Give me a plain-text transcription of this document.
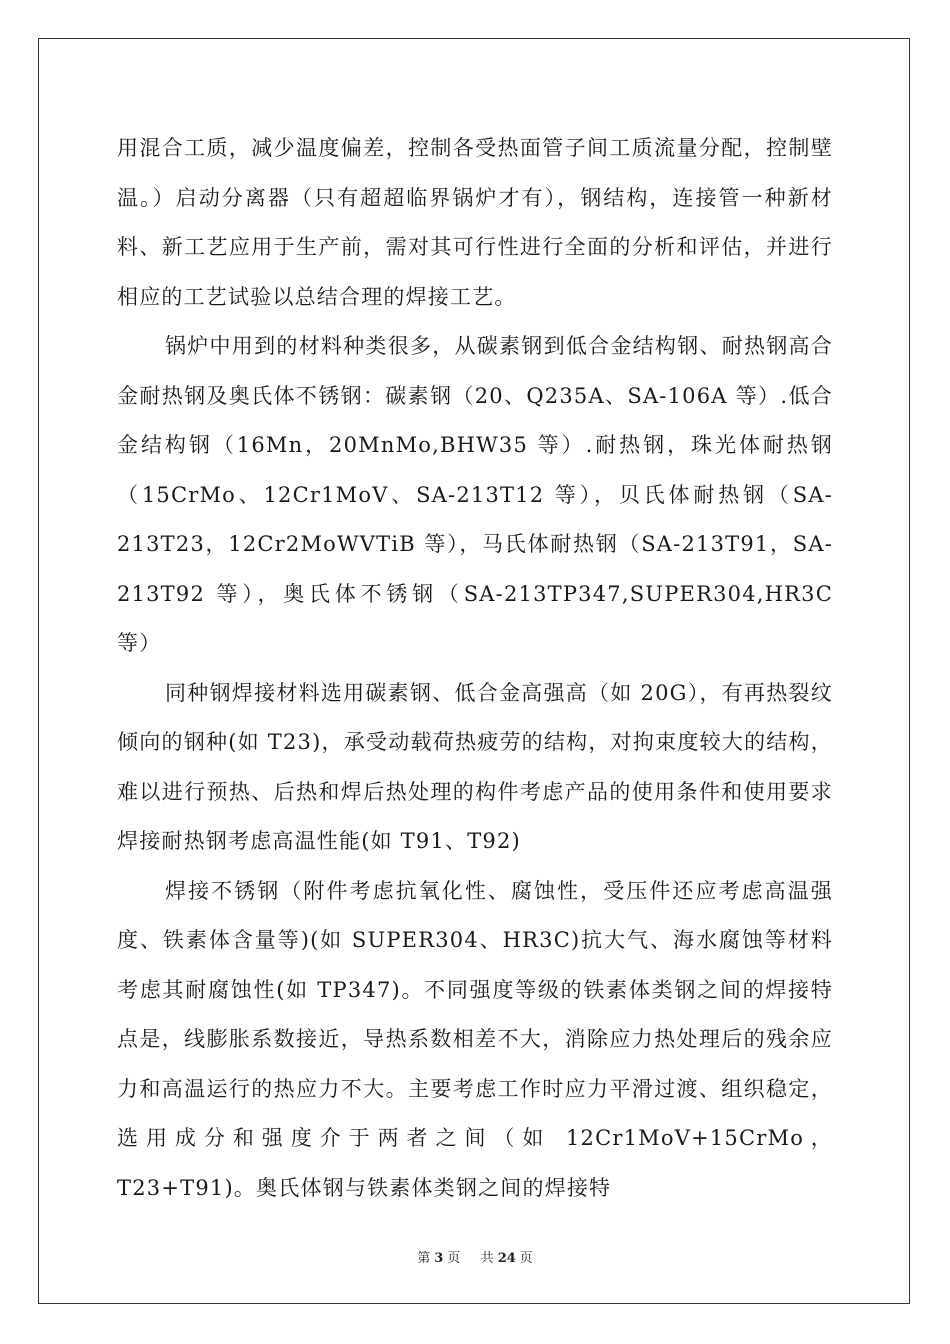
用混合工质，减少温度偏差，控制各受热面管子间工质流量分配，控制壁温。）启动分离器（只有超超临界锅炉才有），钢结构，连接管一种新材料、新工艺应用于生产前，需对其可行性进行全面的分析和评估，并进行相应的工艺试验以总结合理的焊接工艺。

锅炉中用到的材料种类很多，从碳素钢到低合金结构钢、耐热钢高合金耐热钢及奥氏体不锈钢：碳素钢（20、Q235A、SA-106A 等）.低合金结构钢（16Mn，20MnMo,BHW35 等）.耐热钢，珠光体耐热钢（15CrMo、12Cr1MoV、SA-213T12 等），贝氏体耐热钢（SA-213T23，12Cr2MoWVTiB 等），马氏体耐热钢（SA-213T91，SA-213T92 等），奥氏体不锈钢（SA-213TP347,SUPER304,HR3C 等）

同种钢焊接材料选用碳素钢、低合金高强高（如 20G），有再热裂纹倾向的钢种(如 T23)，承受动载荷热疲劳的结构，对拘束度较大的结构，难以进行预热、后热和焊后热处理的构件考虑产品的使用条件和使用要求焊接耐热钢考虑高温性能(如 T91、T92)

焊接不锈钢（附件考虑抗氧化性、腐蚀性，受压件还应考虑高温强度、铁素体含量等)(如 SUPER304、HR3C)抗大气、海水腐蚀等材料考虑其耐腐蚀性(如 TP347)。不同强度等级的铁素体类钢之间的焊接特点是，线膨胀系数接近，导热系数相差不大，消除应力热处理后的残余应力和高温运行的热应力不大。主要考虑工作时应力平滑过渡、组织稳定，选用成分和强度介于两者之间（如 12Cr1MoV+15CrMo，T23+T91)。奥氏体钢与铁素体类钢之间的焊接特

第 3 页 共 24 页
